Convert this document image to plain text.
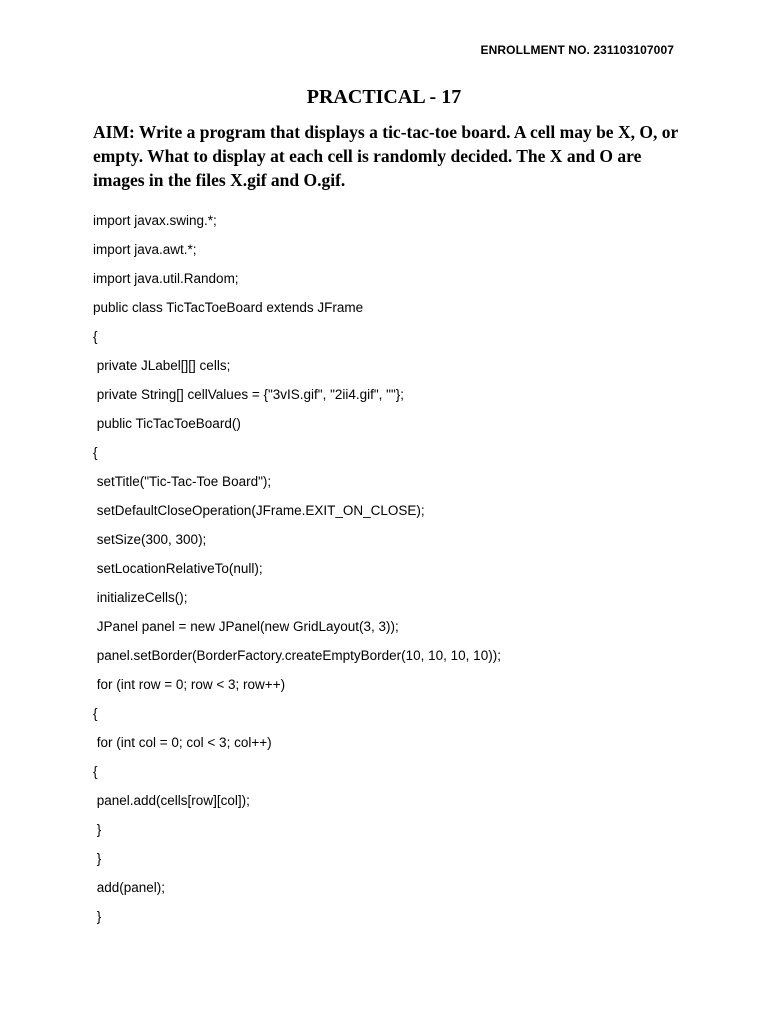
ENROLLMENT NO. 231103107007
PRACTICAL - 17
AIM: Write a program that displays a tic-tac-toe board. A cell may be X, O, or empty. What to display at each cell is randomly decided. The X and O are images in the files X.gif and O.gif.
import javax.swing.*;
import java.awt.*;
import java.util.Random;
public class TicTacToeBoard extends JFrame
{
private JLabel[][] cells;
private String[] cellValues = {"3vIS.gif", "2ii4.gif", ""};
public TicTacToeBoard()
{
setTitle("Tic-Tac-Toe Board");
setDefaultCloseOperation(JFrame.EXIT_ON_CLOSE);
setSize(300, 300);
setLocationRelativeTo(null);
initializeCells();
JPanel panel = new JPanel(new GridLayout(3, 3));
panel.setBorder(BorderFactory.createEmptyBorder(10, 10, 10, 10));
for (int row = 0; row < 3; row++)
{
for (int col = 0; col < 3; col++)
{
panel.add(cells[row][col]);
}
}
add(panel);
}
